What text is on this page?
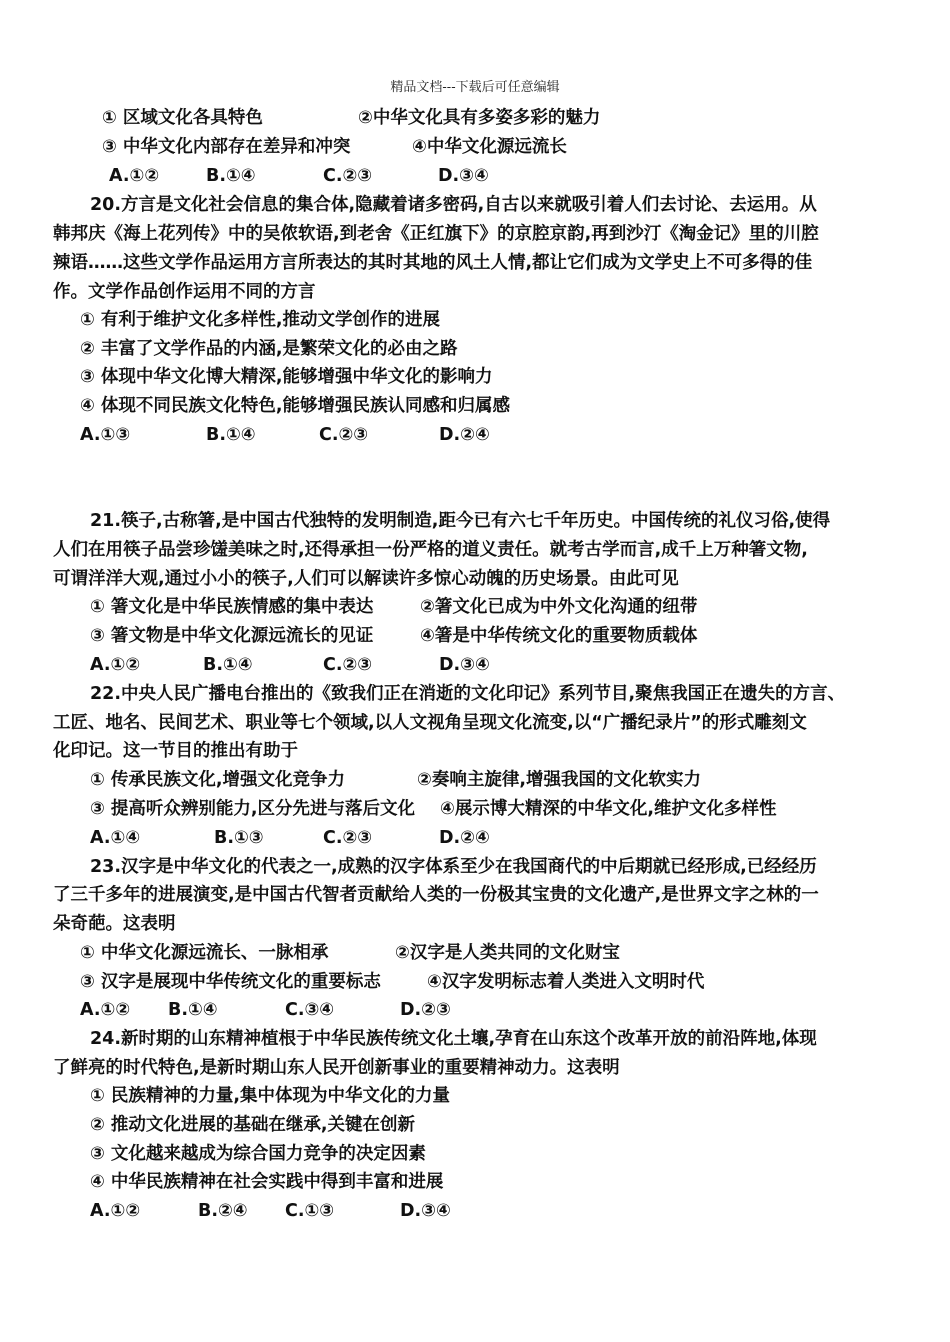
精品文档---下载后可任意编辑
① 区域文化各具特色	②中华文化具有多姿多彩的魅力
③ 中华文化内部存在差异和冲突	④中华文化源远流长
A.①②	B.①④	C.②③	D.③④
20.方言是文化社会信息的集合体,隐藏着诸多密码,自古以来就吸引着人们去讨论、去运用。从
韩邦庆《海上花列传》中的吴侬软语,到老舍《正红旗下》的京腔京韵,再到沙汀《淘金记》里的川腔
辣语……这些文学作品运用方言所表达的其时其地的风土人情,都让它们成为文学史上不可多得的佳
作。文学作品创作运用不同的方言
① 有利于维护文化多样性,推动文学创作的进展
② 丰富了文学作品的内涵,是繁荣文化的必由之路
③ 体现中华文化博大精深,能够增强中华文化的影响力
④ 体现不同民族文化特色,能够增强民族认同感和归属感
A.①③	B.①④	C.②③	D.②④
21.筷子,古称箸,是中国古代独特的发明制造,距今已有六七千年历史。中国传统的礼仪习俗,使得
人们在用筷子品尝珍馐美味之时,还得承担一份严格的道义责任。就考古学而言,成千上万种箸文物,
可谓洋洋大观,通过小小的筷子,人们可以解读许多惊心动魄的历史场景。由此可见
① 箸文化是中华民族情感的集中表达	②箸文化已成为中外文化沟通的纽带
③ 箸文物是中华文化源远流长的见证	④箸是中华传统文化的重要物质载体
A.①②	B.①④	C.②③	D.③④
22.中央人民广播电台推出的《致我们正在消逝的文化印记》系列节目,聚焦我国正在遗失的方言、
工匠、地名、民间艺术、职业等七个领域,以人文视角呈现文化流变,以“广播纪录片”的形式雕刻文
化印记。这一节目的推出有助于
① 传承民族文化,增强文化竞争力	②奏响主旋律,增强我国的文化软实力
③ 提高听众辨别能力,区分先进与落后文化 ④展示博大精深的中华文化,维护文化多样性
A.①④	B.①③	C.②③	D.②④
23.汉字是中华文化的代表之一,成熟的汉字体系至少在我国商代的中后期就已经形成,已经经历
了三千多年的进展演变,是中国古代智者贡献给人类的一份极其宝贵的文化遗产,是世界文字之林的一
朵奇葩。这表明
① 中华文化源远流长、一脉相承	②汉字是人类共同的文化财宝
③ 汉字是展现中华传统文化的重要标志	④汉字发明标志着人类进入文明时代
A.①② B.①④	C.③④	D.②③
24.新时期的山东精神植根于中华民族传统文化土壤,孕育在山东这个改革开放的前沿阵地,体现
了鲜亮的时代特色,是新时期山东人民开创新事业的重要精神动力。这表明
① 民族精神的力量,集中体现为中华文化的力量
② 推动文化进展的基础在继承,关键在创新
③ 文化越来越成为综合国力竞争的决定因素
④ 中华民族精神在社会实践中得到丰富和进展
A.①②	B.②④ C.①③	D.③④
